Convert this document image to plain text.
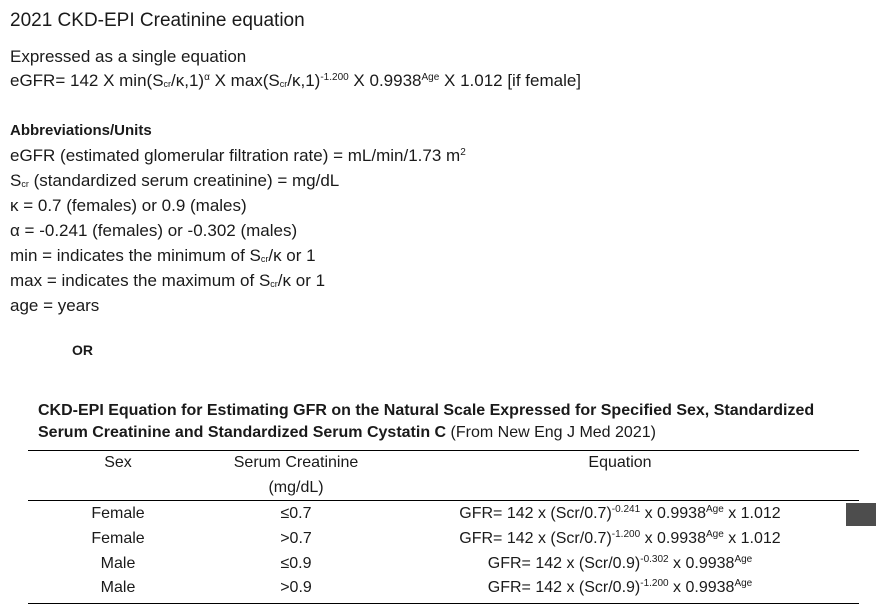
2021 CKD-EPI Creatinine equation
Expressed as a single equation
eGFR= 142 X $\min(S_{cr}/\kappa,1)^\alpha$ X $\max(S_{cr}/\kappa,1)^{-1.200}$ X $0.9938^{Age}$ X 1.012 [if female]
Abbreviations/Units
eGFR (estimated glomerular filtration rate) = mL/min/1.73 $m^2$
$S_{cr}$ (standardized serum creatinine) = mg/dL
κ = 0.7 (females) or 0.9 (males)
α = -0.241 (females) or -0.302 (males)
min = indicates the minimum of $S_{cr}/\kappa$ or 1
max = indicates the maximum of $S_{cr}/\kappa$ or 1
age = years
OR
CKD-EPI Equation for Estimating GFR on the Natural Scale Expressed for Specified Sex, Standardized Serum Creatinine and Standardized Serum Cystatin C (From New Eng J Med 2021)
Sex	Serum Creatinine
(mg/dL)
Equation
Female	≤0.7	GFR= 142 x $(Scr/0.7)^{-0.241}$ x $0.9938^{Age}$ x 1.012
Female	>0.7	GFR= 142 x $(Scr/0.7)^{-1.200}$ x $0.9938^{Age}$ x 1.012
Male	≤0.9	GFR= 142 x $(Scr/0.9)^{-0.302}$ x $0.9938^{Age}$
Male	>0.9	GFR= 142 x $(Scr/0.9)^{-1.200}$ x $0.9938^{Age}$
